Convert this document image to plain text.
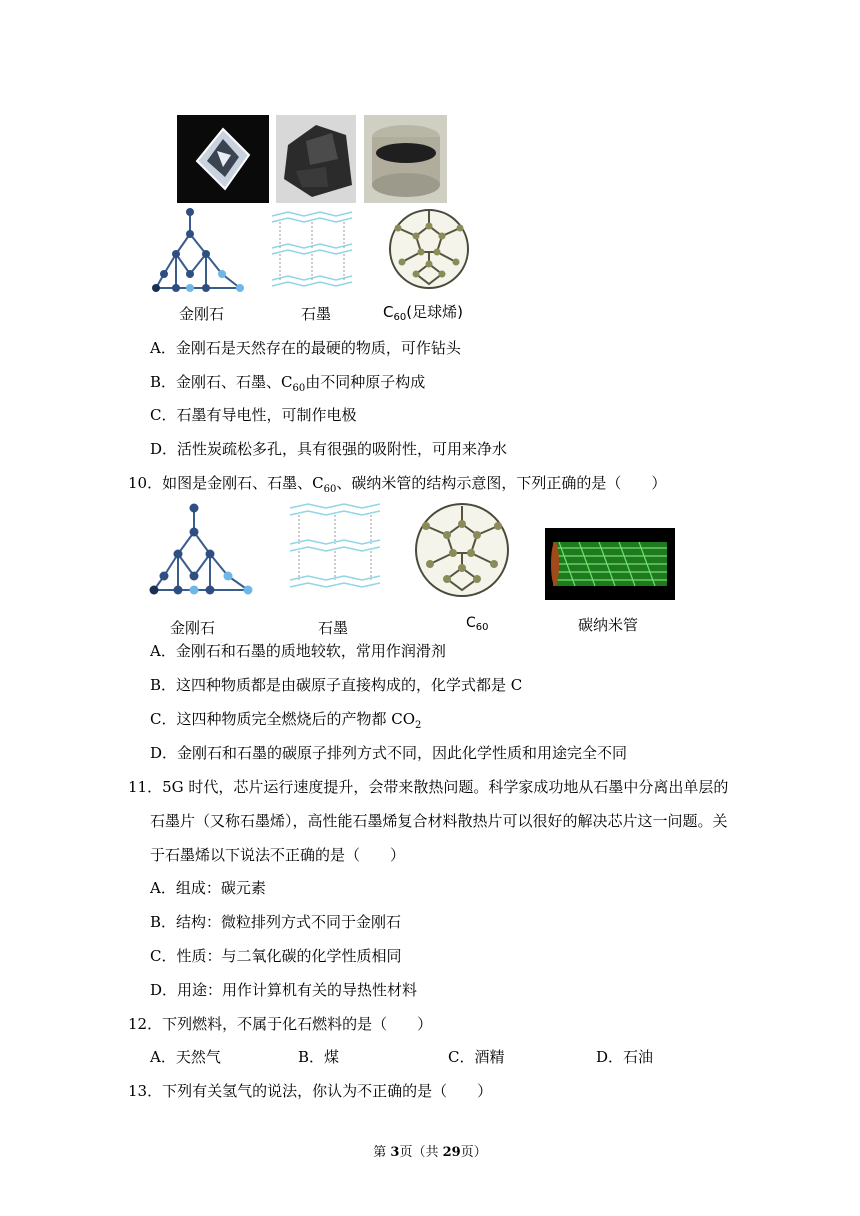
金刚石	石墨	$C_{60}$(足球烯)
A．金刚石是天然存在的最硬的物质，可作钻头
B．金刚石、石墨、$C_{60}$由不同种原子构成
C．石墨有导电性，可制作电极
D．活性炭疏松多孔，具有很强的吸附性，可用来净水
10．如图是金刚石、石墨、$C_{60}$、碳纳米管的结构示意图，下列正确的是（　　）
金刚石	石墨	$C_{60}$	碳纳米管
A．金刚石和石墨的质地较软，常用作润滑剂
B．这四种物质都是由碳原子直接构成的，化学式都是 C
C．这四种物质完全燃烧后的产物都 $CO_2$
D．金刚石和石墨的碳原子排列方式不同，因此化学性质和用途完全不同
11．5G 时代，芯片运行速度提升，会带来散热问题。科学家成功地从石墨中分离出单层的
石墨片（又称石墨烯），高性能石墨烯复合材料散热片可以很好的解决芯片这一问题。关
于石墨烯以下说法不正确的是（　　）
A．组成：碳元素
B．结构：微粒排列方式不同于金刚石
C．性质：与二氧化碳的化学性质相同
D．用途：用作计算机有关的导热性材料
12．下列燃料，不属于化石燃料的是（　　）
A．天然气	B．煤	C．酒精	D．石油
13．下列有关氢气的说法，你认为不正确的是（　　）
第 3页（共 29页）
